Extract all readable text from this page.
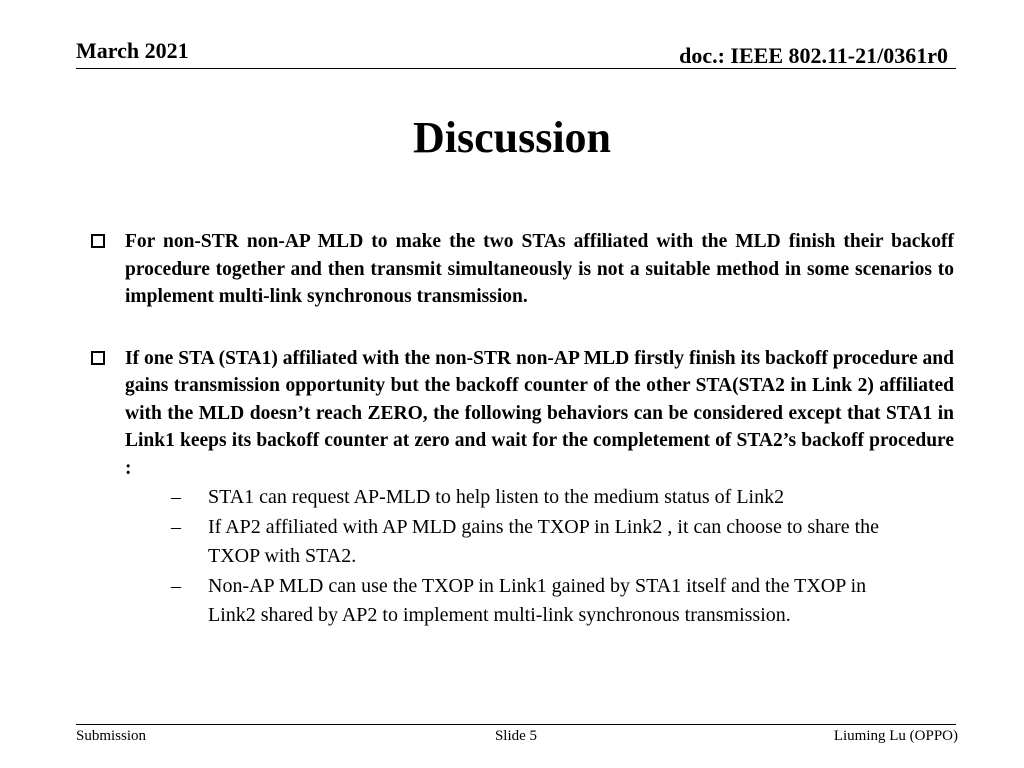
March 2021	doc.: IEEE 802.11-21/0361r0
Discussion
For non-STR non-AP MLD to make the two STAs affiliated with the MLD finish their backoff procedure together and then transmit simultaneously is not a suitable method in some scenarios to implement multi-link synchronous transmission.
If one STA (STA1) affiliated with the non-STR non-AP MLD firstly finish its backoff procedure and gains transmission opportunity but the backoff counter of the other STA(STA2 in Link 2) affiliated with the MLD doesn’t reach ZERO, the following behaviors can be considered except that STA1 in Link1 keeps its backoff counter at zero and wait for the completement of STA2’s backoff procedure :
– STA1 can request AP-MLD to help listen to the medium status of Link2
– If AP2 affiliated with AP MLD gains the TXOP in Link2 , it can choose to share the TXOP with STA2.
– Non-AP MLD can use the TXOP in Link1 gained by STA1 itself and the TXOP in Link2 shared by AP2 to implement multi-link synchronous transmission.
Submission	Slide 5	Liuming Lu (OPPO)
